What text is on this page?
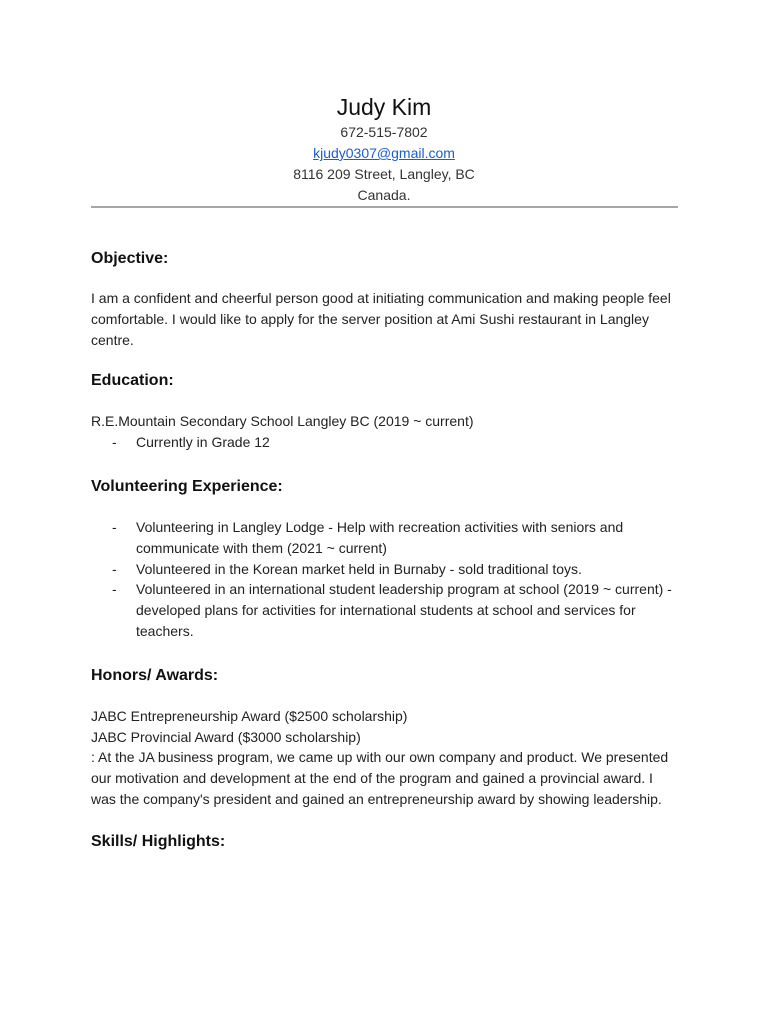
Judy Kim
672-515-7802
kjudy0307@gmail.com
8116 209 Street, Langley, BC
Canada.
Objective:

I am a confident and cheerful person good at initiating communication and making people feel comfortable. I would like to apply for the server position at Ami Sushi restaurant in Langley centre.

Education:

R.E.Mountain Secondary School Langley BC (2019 ~ current)

- Currently in Grade 12
Volunteering Experience:
- Volunteering in Langley Lodge - Help with recreation activities with seniors and communicate with them (2021 ~ current)
- Volunteered in the Korean market held in Burnaby - sold traditional toys.
- Volunteered in an international student leadership program at school (2019 ~ current) - developed plans for activities for international students at school and services for teachers.
Honors/ Awards:

JABC Entrepreneurship Award ($2500 scholarship)

JABC Provincial Award ($3000 scholarship)

: At the JA business program, we came up with our own company and product. We presented our motivation and development at the end of the program and gained a provincial award. I was the company's president and gained an entrepreneurship award by showing leadership.

Skills/ Highlights:
